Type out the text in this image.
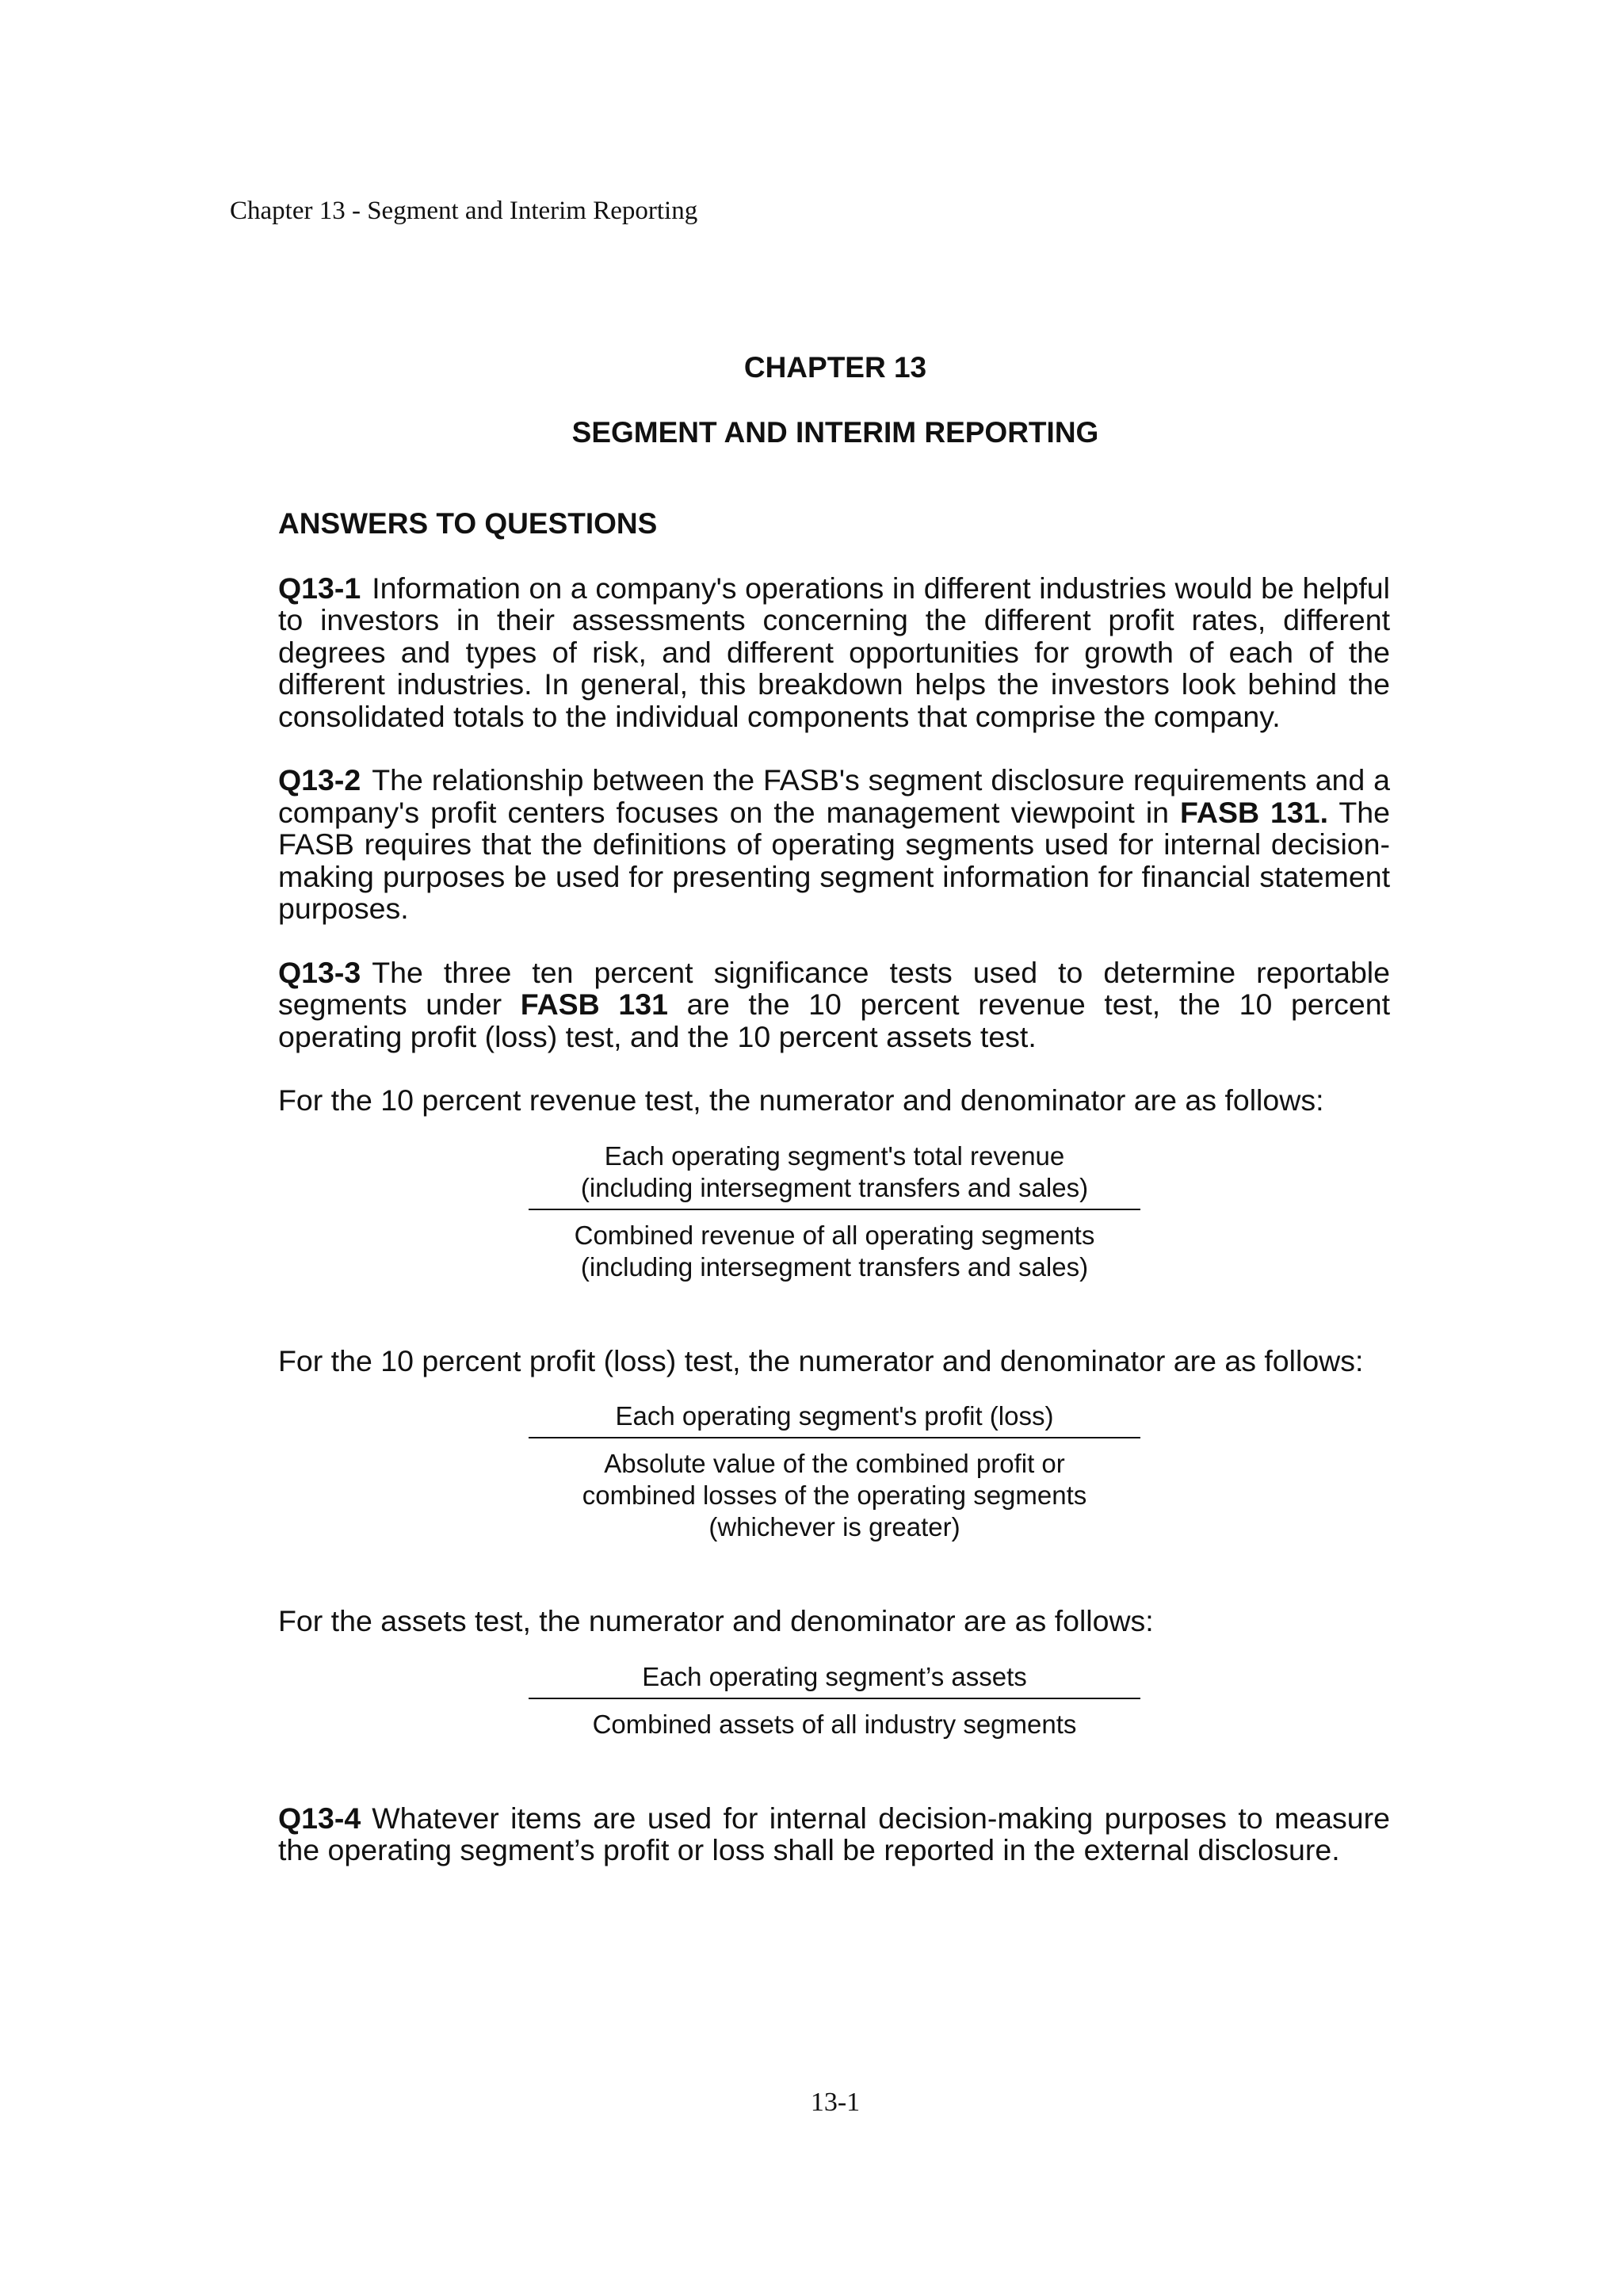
Chapter 13 - Segment and Interim Reporting
CHAPTER 13
SEGMENT AND INTERIM REPORTING
ANSWERS TO QUESTIONS

Q13-1 Information on a company's operations in different industries would be helpful to investors in their assessments concerning the different profit rates, different degrees and types of risk, and different opportunities for growth of each of the different industries. In general, this breakdown helps the investors look behind the consolidated totals to the individual components that comprise the company.

Q13-2 The relationship between the FASB's segment disclosure requirements and a company's profit centers focuses on the management viewpoint in FASB 131. The FASB requires that the definitions of operating segments used for internal decision-making purposes be used for presenting segment information for financial statement purposes.

Q13-3 The three ten percent significance tests used to determine reportable segments under FASB 131 are the 10 percent revenue test, the 10 percent operating profit (loss) test, and the 10 percent assets test.

For the 10 percent revenue test, the numerator and denominator are as follows:

Each operating segment's total revenue
(including intersegment transfers and sales)
Combined revenue of all operating segments
(including intersegment transfers and sales)

For the 10 percent profit (loss) test, the numerator and denominator are as follows:

Each operating segment's profit (loss)
Absolute value of the combined profit or
combined losses of the operating segments
(whichever is greater)

For the assets test, the numerator and denominator are as follows:

Each operating segment’s assets
Combined assets of all industry segments

Q13-4 Whatever items are used for internal decision-making purposes to measure the operating segment’s profit or loss shall be reported in the external disclosure.

13-1
